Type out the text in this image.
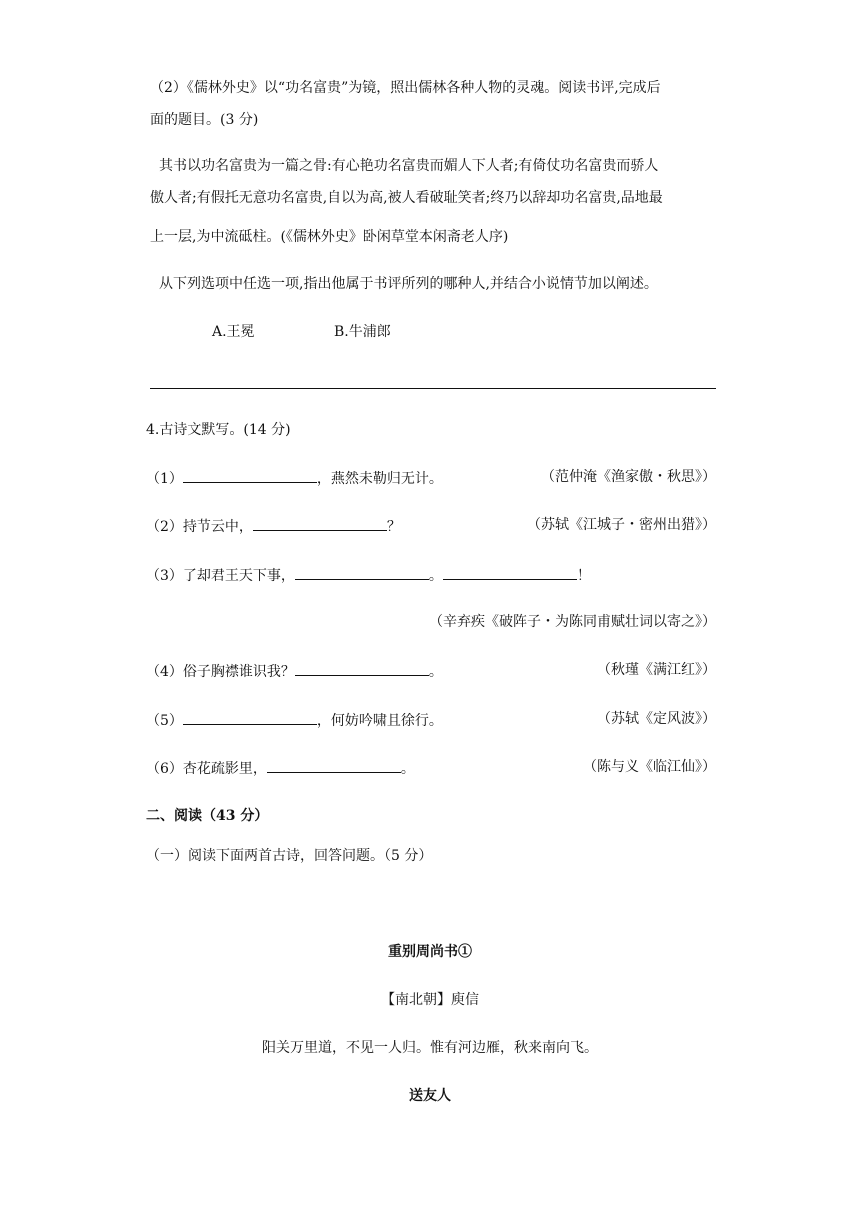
（2）《儒林外史》以“功名富贵”为镜，照出儒林各种人物的灵魂。阅读书评,完成后
面的题目。(3 分)
其书以功名富贵为一篇之骨:有心艳功名富贵而媚人下人者;有倚仗功名富贵而骄人
傲人者;有假托无意功名富贵,自以为高,被人看破耻笑者;终乃以辞却功名富贵,品地最
上一层,为中流砥柱。(《儒林外史》卧闲草堂本闲斋老人序)
从下列选项中任选一项,指出他属于书评所列的哪种人,并结合小说情节加以阐述。
A.王冕	B.牛浦郎
4.古诗文默写。(14 分)
（1）	，燕然未勒归无计。	（范仲淹《渔家傲・秋思》）
（2）持节云中，	？	（苏轼《江城子・密州出猎》）
（3）了却君王天下事，	。	！
（辛弃疾《破阵子・为陈同甫赋壮词以寄之》）
（4）俗子胸襟谁识我？	。	（秋瑾《满江红》）
（5）	，何妨吟啸且徐行。	（苏轼《定风波》）
（6）杏花疏影里，	。	（陈与义《临江仙》）
二、阅读（43 分）
（一）阅读下面两首古诗，回答问题。（5 分）
重别周尚书①
【南北朝】庾信
阳关万里道，不见一人归。惟有河边雁，秋来南向飞。
送友人
